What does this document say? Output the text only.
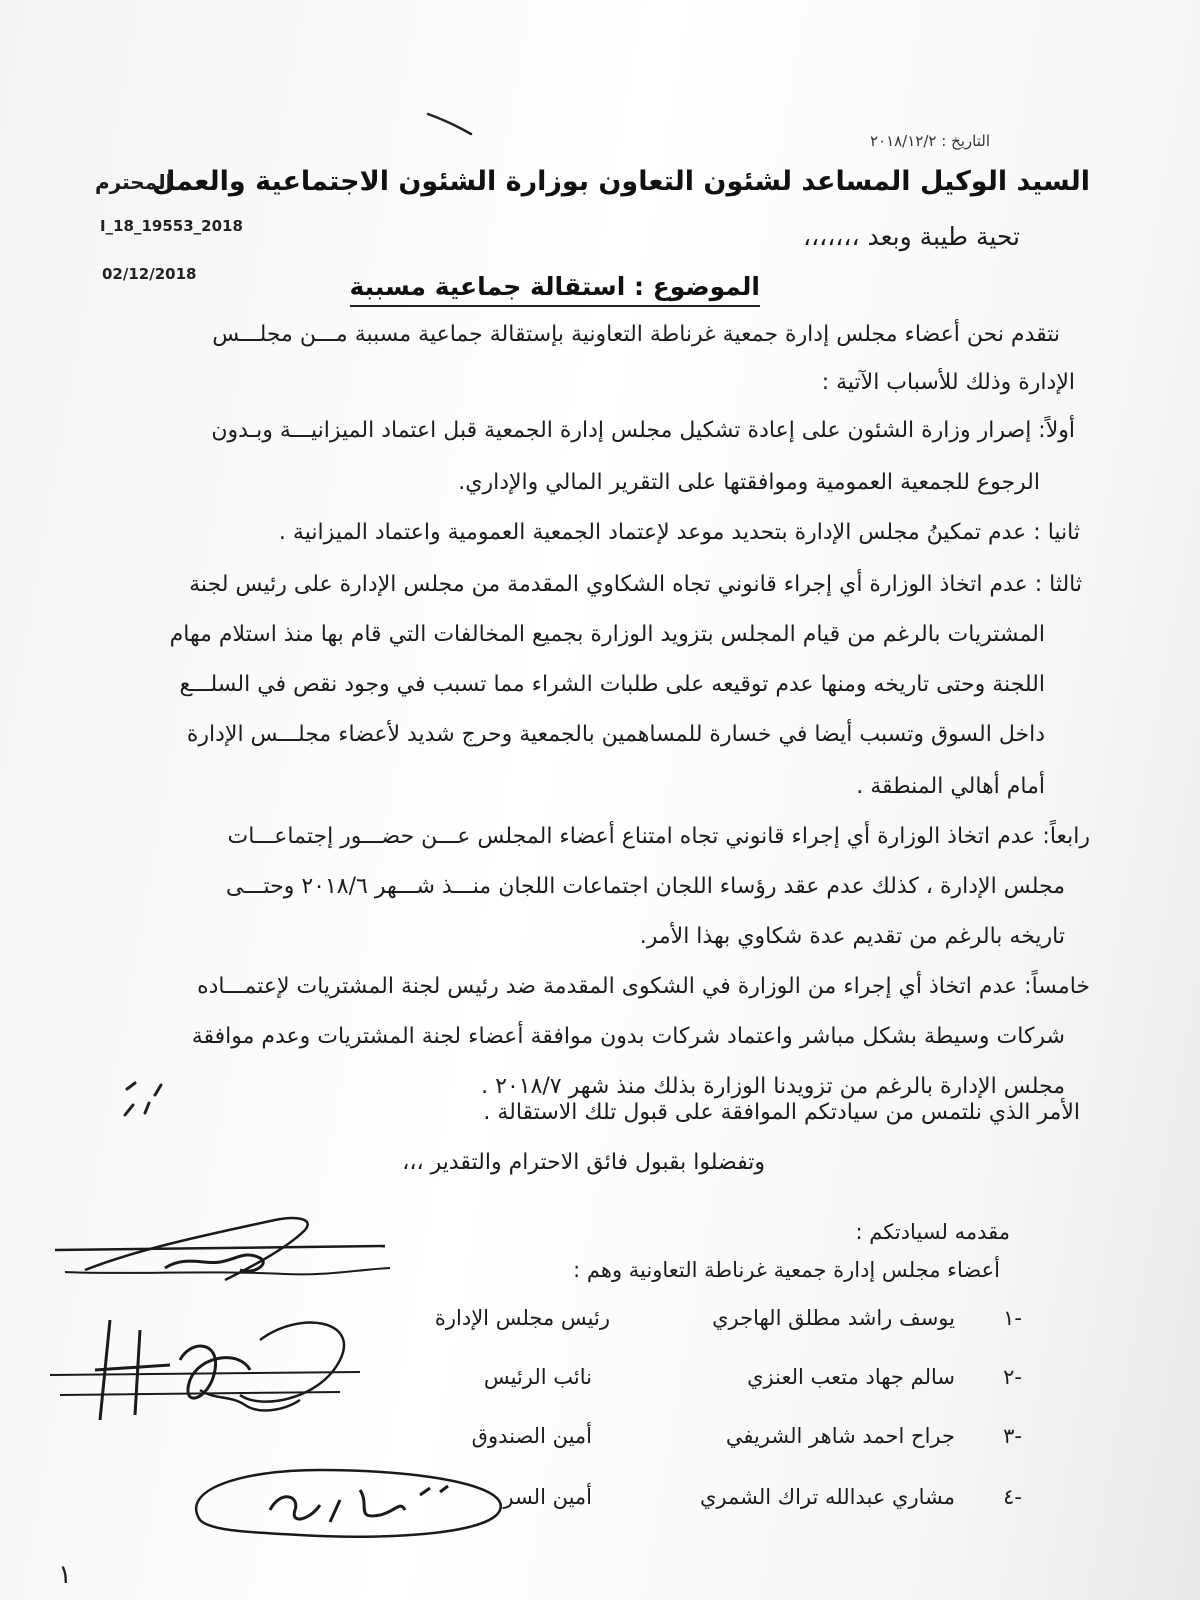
التاريخ : ٢٠١٨/١٢/٢
السيد الوكيل المساعد لشئون التعاون بوزارة الشئون الاجتماعية والعمل
المحترم
I_18_19553_2018
02/12/2018
تحية طيبة وبعد ،،،،،،،
الموضوع : استقالة جماعية مسببة
نتقدم نحن أعضاء مجلس إدارة جمعية غرناطة التعاونية بإستقالة جماعية مسببة مـــن مجلـــس
الإدارة وذلك للأسباب الآتية :
أولاً: إصرار وزارة الشئون على إعادة تشكيل مجلس إدارة الجمعية قبل اعتماد الميزانيـــة وبـدون
الرجوع للجمعية العمومية وموافقتها على التقرير المالي والإداري.
ثانيا : عدم تمكينُ مجلس الإدارة بتحديد موعد لإعتماد الجمعية العمومية واعتماد الميزانية .
ثالثا : عدم اتخاذ الوزارة أي إجراء قانوني تجاه الشكاوي المقدمة من مجلس الإدارة على رئيس لجنة
المشتريات بالرغم من قيام المجلس بتزويد الوزارة بجميع المخالفات التي قام بها منذ استلام مهام
اللجنة وحتى تاريخه ومنها عدم توقيعه على طلبات الشراء مما تسبب في وجود نقص في السلـــع
داخل السوق وتسبب أيضا في خسارة للمساهمين بالجمعية وحرج شديد لأعضاء مجلـــس الإدارة
أمام أهالي المنطقة .
رابعاً: عدم اتخاذ الوزارة أي إجراء قانوني تجاه امتناع أعضاء المجلس عـــن حضـــور إجتماعـــات
مجلس الإدارة ، كذلك عدم عقد رؤساء اللجان اجتماعات اللجان منـــذ شـــهر ٢٠١٨/٦ وحتـــى
تاريخه بالرغم من تقديم عدة شكاوي بهذا الأمر.
خامساً: عدم اتخاذ أي إجراء من الوزارة في الشكوى المقدمة ضد رئيس لجنة المشتريات لإعتمـــاده
شركات وسيطة بشكل مباشر واعتماد شركات بدون موافقة أعضاء لجنة المشتريات وعدم موافقة
مجلس الإدارة بالرغم من تزويدنا الوزارة بذلك منذ شهر ٢٠١٨/٧ .
الأمر الذي نلتمس من سيادتكم الموافقة على قبول تلك الاستقالة .
وتفضلوا بقبول فائق الاحترام والتقدير ،،،
مقدمه لسيادتكم :
أعضاء مجلس إدارة جمعية غرناطة التعاونية وهم :
١-
يوسف راشد مطلق الهاجري
رئيس مجلس الإدارة
٢-
سالم جهاد متعب العنزي
نائب الرئيس
٣-
جراح احمد شاهر الشريفي
أمين الصندوق
٤-
مشاري عبدالله تراك الشمري
أمين السر
١
